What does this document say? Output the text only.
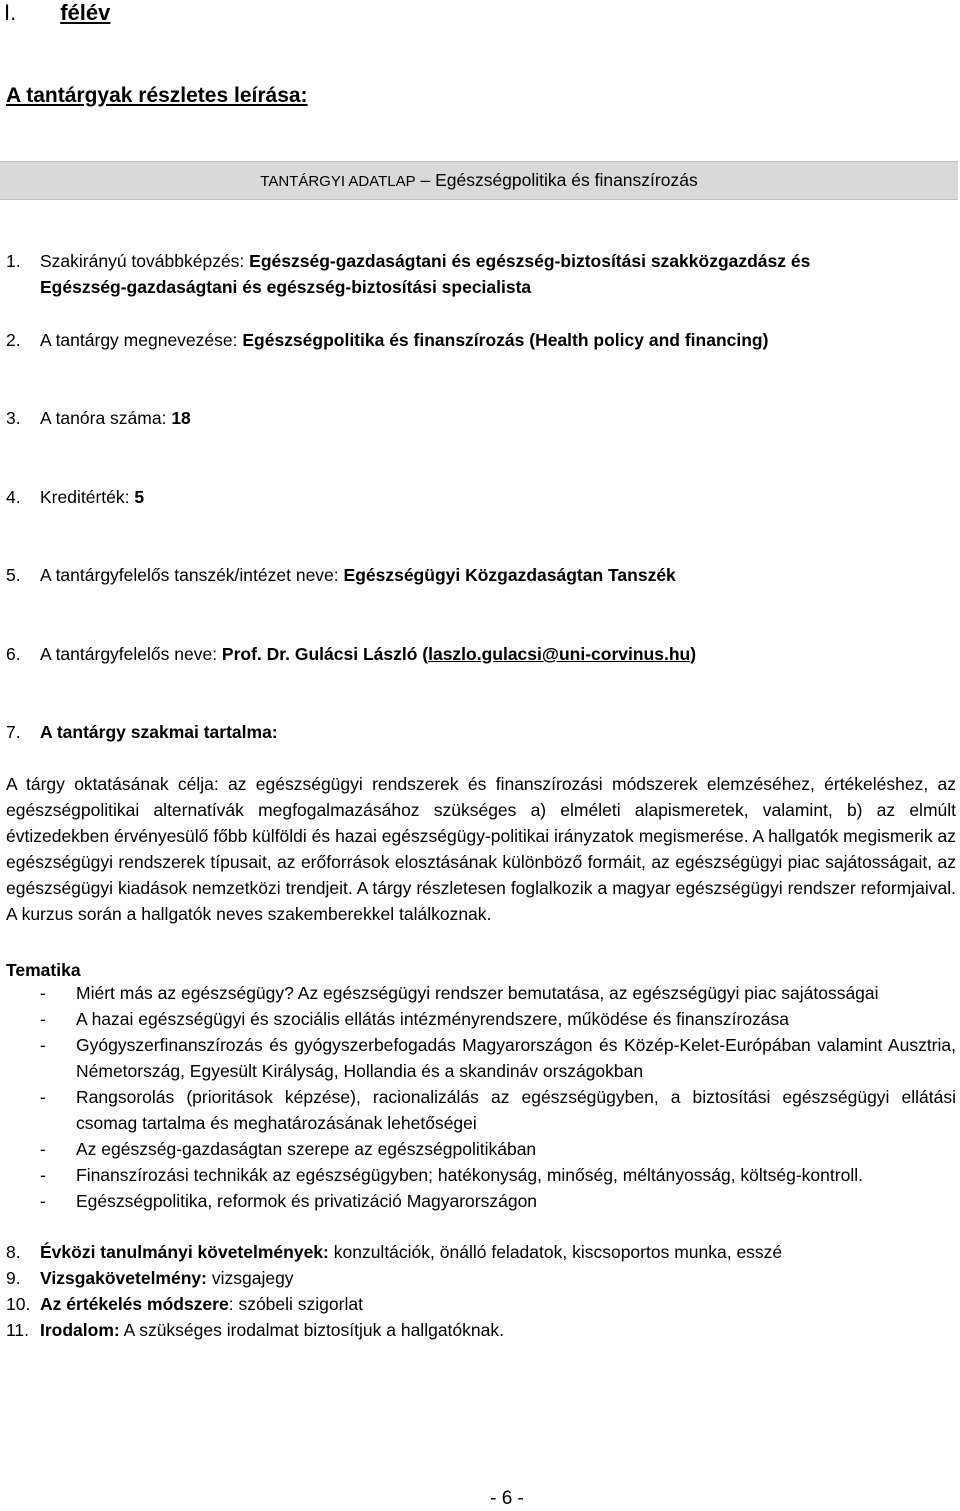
I. félév
A tantárgyak részletes leírása:
TANTÁRGYI ADATLAP – Egészségpolitika és finanszírozás
1. Szakirányú továbbképzés: Egészség-gazdaságtani és egészség-biztosítási szakközgazdász és
Egészség-gazdaságtani és egészség-biztosítási specialista
2. A tantárgy megnevezése: Egészségpolitika és finanszírozás (Health policy and financing)
3. A tanóra száma: 18
4. Kreditérték: 5
5. A tantárgyfelelős tanszék/intézet neve: Egészségügyi Közgazdaságtan Tanszék
6. A tantárgyfelelős neve: Prof. Dr. Gulácsi László (laszlo.gulacsi@uni-corvinus.hu)
7. A tantárgy szakmai tartalma:
A tárgy oktatásának célja: az egészségügyi rendszerek és finanszírozási módszerek elemzéséhez, értékeléshez, az egészségpolitikai alternatívák megfogalmazásához szükséges a) elméleti alapismeretek, valamint, b) az elmúlt évtizedekben érvényesülő főbb külföldi és hazai egészségügy-politikai irányzatok megismerése. A hallgatók megismerik az egészségügyi rendszerek típusait, az erőforrások elosztásának különböző formáit, az egészségügyi piac sajátosságait, az egészségügyi kiadások nemzetközi trendjeit. A tárgy részletesen foglalkozik a magyar egészségügyi rendszer reformjaival. A kurzus során a hallgatók neves szakemberekkel találkoznak.
Tematika
- Miért más az egészségügy? Az egészségügyi rendszer bemutatása, az egészségügyi piac sajátosságai
- A hazai egészségügyi és szociális ellátás intézményrendszere, működése és finanszírozása
- Gyógyszerfinanszírozás és gyógyszerbefogadás Magyarországon és Közép-Kelet-Európában valamint Ausztria, Németország, Egyesült Királyság, Hollandia és a skandináv országokban
- Rangsorolás (prioritások képzése), racionalizálás az egészségügyben, a biztosítási egészségügyi ellátási csomag tartalma és meghatározásának lehetőségei
- Az egészség-gazdaságtan szerepe az egészségpolitikában
- Finanszírozási technikák az egészségügyben; hatékonyság, minőség, méltányosság, költség-kontroll.
- Egészségpolitika, reformok és privatizáció Magyarországon
8. Évközi tanulmányi követelmények: konzultációk, önálló feladatok, kiscsoportos munka, esszé
9. Vizsgakövetelmény: vizsgajegy
10. Az értékelés módszere: szóbeli szigorlat
11. Irodalom: A szükséges irodalmat biztosítjuk a hallgatóknak.
- 6 -
